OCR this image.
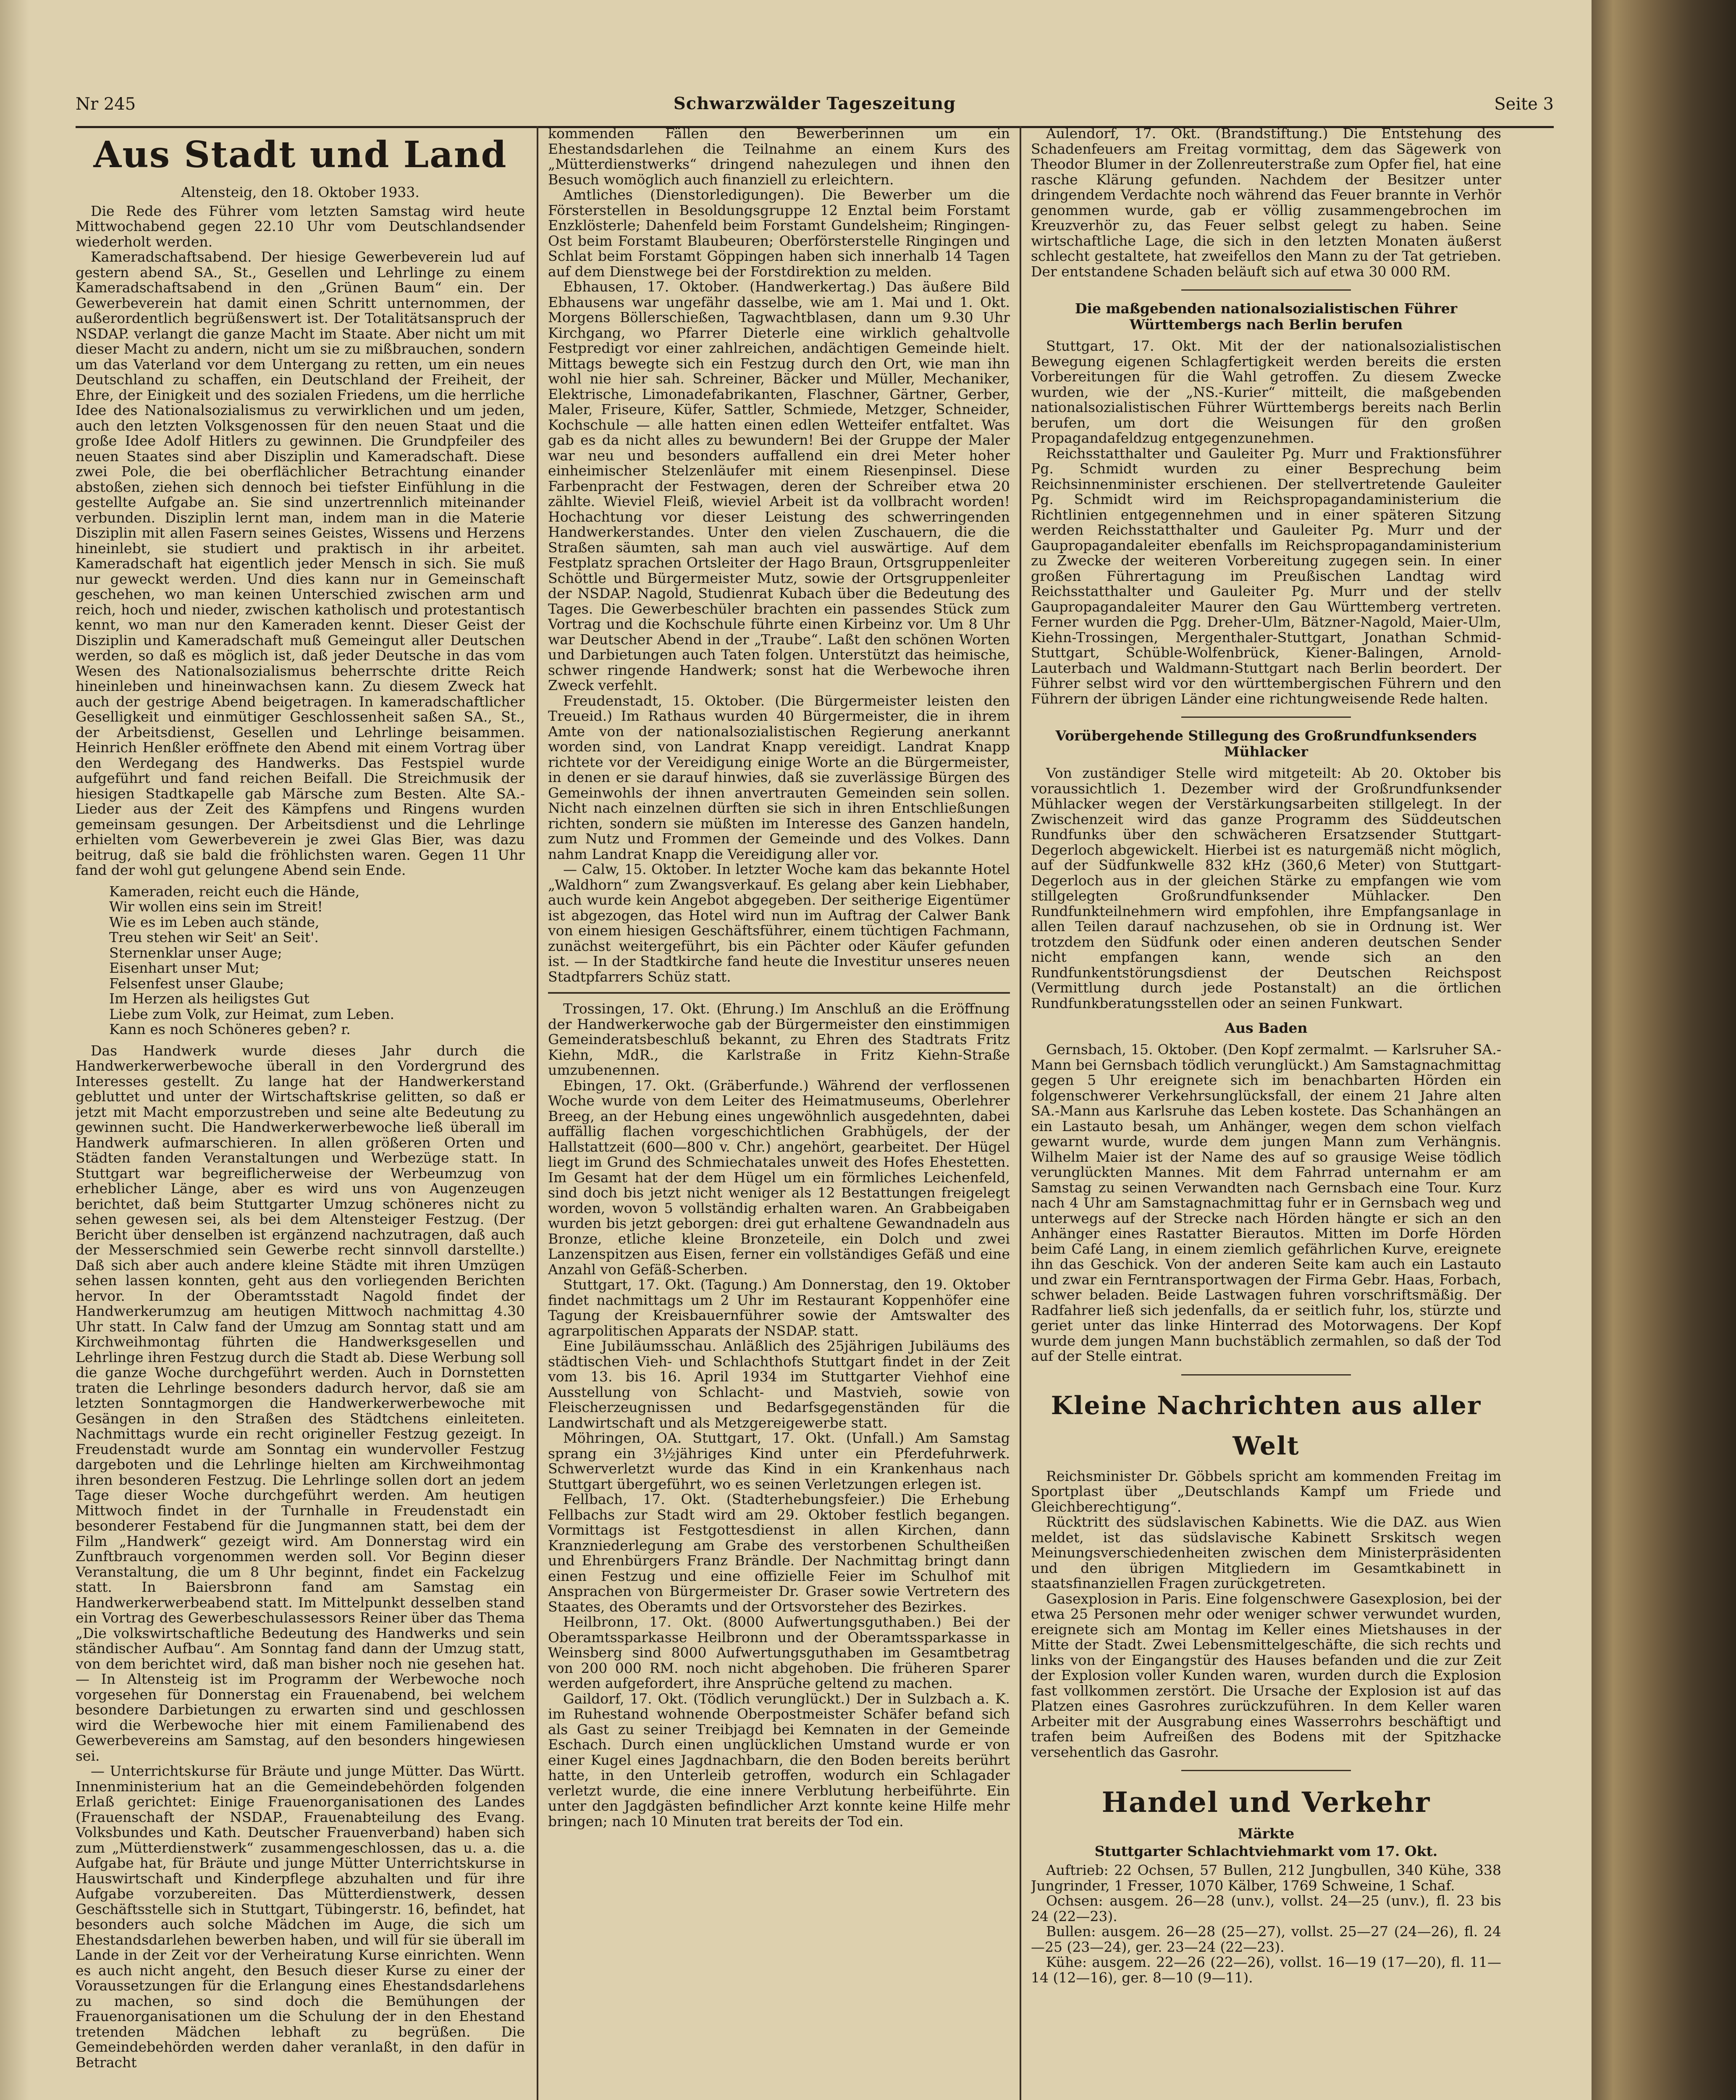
Nr 245	Schwarzwälder Tageszeitung	Seite 3
Aus Stadt und Land
Altensteig, den 18. Oktober 1933.

Die Rede des Führer vom letzten Samstag wird heute Mittwochabend gegen 22.10 Uhr vom Deutschlandsender wiederholt werden.

Kameradschaftsabend. Der hiesige Gewerbeverein lud auf gestern abend SA., St., Gesellen und Lehrlinge zu einem Kameradschaftsabend in den „Grünen Baum“ ein. Der Gewerbeverein hat damit einen Schritt unternommen, der außerordentlich begrüßenswert ist. Der Totalitätsanspruch der NSDAP. verlangt die ganze Macht im Staate. Aber nicht um mit dieser Macht zu andern, nicht um sie zu mißbrauchen, sondern um das Vaterland vor dem Untergang zu retten, um ein neues Deutschland zu schaffen, ein Deutschland der Freiheit, der Ehre, der Einigkeit und des sozialen Friedens, um die herrliche Idee des Nationalsozialismus zu verwirklichen und um jeden, auch den letzten Volksgenossen für den neuen Staat und die große Idee Adolf Hitlers zu gewinnen. Die Grundpfeiler des neuen Staates sind aber Disziplin und Kameradschaft. Diese zwei Pole, die bei oberflächlicher Betrachtung einander abstoßen, ziehen sich dennoch bei tiefster Einfühlung in die gestellte Aufgabe an. Sie sind unzertrennlich miteinander verbunden. Disziplin lernt man, indem man in die Materie Disziplin mit allen Fasern seines Geistes, Wissens und Herzens hineinlebt, sie studiert und praktisch in ihr arbeitet. Kameradschaft hat eigentlich jeder Mensch in sich. Sie muß nur geweckt werden. Und dies kann nur in Gemeinschaft geschehen, wo man keinen Unterschied zwischen arm und reich, hoch und nieder, zwischen katholisch und protestantisch kennt, wo man nur den Kameraden kennt. Dieser Geist der Disziplin und Kameradschaft muß Gemeingut aller Deutschen werden, so daß es möglich ist, daß jeder Deutsche in das vom Wesen des Nationalsozialismus beherrschte dritte Reich hineinleben und hineinwachsen kann. Zu diesem Zweck hat auch der gestrige Abend beigetragen. In kameradschaftlicher Geselligkeit und einmütiger Geschlossenheit saßen SA., St., der Arbeitsdienst, Gesellen und Lehrlinge beisammen. Heinrich Henßler eröffnete den Abend mit einem Vortrag über den Werdegang des Handwerks. Das Festspiel wurde aufgeführt und fand reichen Beifall. Die Streichmusik der hiesigen Stadtkapelle gab Märsche zum Besten. Alte SA.-Lieder aus der Zeit des Kämpfens und Ringens wurden gemeinsam gesungen. Der Arbeitsdienst und die Lehrlinge erhielten vom Gewerbeverein je zwei Glas Bier, was dazu beitrug, daß sie bald die fröhlichsten waren. Gegen 11 Uhr fand der wohl gut gelungene Abend sein Ende.

Kameraden, reicht euch die Hände,
Wir wollen eins sein im Streit!
Wie es im Leben auch stände,
Treu stehen wir Seit' an Seit'.
Sternenklar unser Auge;
Eisenhart unser Mut;
Felsenfest unser Glaube;
Im Herzen als heiligstes Gut
Liebe zum Volk, zur Heimat, zum Leben.
Kann es noch Schöneres geben? r.

Das Handwerk wurde dieses Jahr durch die Handwerkerwerbewoche überall in den Vordergrund des Interesses gestellt. Zu lange hat der Handwerkerstand gebluttet und unter der Wirtschaftskrise gelitten, so daß er jetzt mit Macht emporzustreben und seine alte Bedeutung zu gewinnen sucht. Die Handwerkerwerbewoche ließ überall im Handwerk aufmarschieren. In allen größeren Orten und Städten fanden Veranstaltungen und Werbezüge statt. In Stuttgart war begreiflicherweise der Werbeumzug von erheblicher Länge, aber es wird uns von Augenzeugen berichtet, daß beim Stuttgarter Umzug schöneres nicht zu sehen gewesen sei, als bei dem Altensteiger Festzug. (Der Bericht über denselben ist ergänzend nachzutragen, daß auch der Messerschmied sein Gewerbe recht sinnvoll darstellte.) Daß sich aber auch andere kleine Städte mit ihren Umzügen sehen lassen konnten, geht aus den vorliegenden Berichten hervor. In der Oberamtsstadt Nagold findet der Handwerkerumzug am heutigen Mittwoch nachmittag 4.30 Uhr statt. In Calw fand der Umzug am Sonntag statt und am Kirchweihmontag führten die Handwerksgesellen und Lehrlinge ihren Festzug durch die Stadt ab. Diese Werbung soll die ganze Woche durchgeführt werden. Auch in Dornstetten traten die Lehrlinge besonders dadurch hervor, daß sie am letzten Sonntagmorgen die Handwerkerwerbewoche mit Gesängen in den Straßen des Städtchens einleiteten. Nachmittags wurde ein recht origineller Festzug gezeigt. In Freudenstadt wurde am Sonntag ein wundervoller Festzug dargeboten und die Lehrlinge hielten am Kirchweihmontag ihren besonderen Festzug. Die Lehrlinge sollen dort an jedem Tage dieser Woche durchgeführt werden. Am heutigen Mittwoch findet in der Turnhalle in Freudenstadt ein besonderer Festabend für die Jungmannen statt, bei dem der Film „Handwerk“ gezeigt wird. Am Donnerstag wird ein Zunftbrauch vorgenommen werden soll. Vor Beginn dieser Veranstaltung, die um 8 Uhr beginnt, findet ein Fackelzug statt. In Baiersbronn fand am Samstag ein Handwerkerwerbeabend statt. Im Mittelpunkt desselben stand ein Vortrag des Gewerbeschulassessors Reiner über das Thema „Die volkswirtschaftliche Bedeutung des Handwerks und sein ständischer Aufbau“. Am Sonntag fand dann der Umzug statt, von dem berichtet wird, daß man bisher noch nie gesehen hat. — In Altensteig ist im Programm der Werbewoche noch vorgesehen für Donnerstag ein Frauenabend, bei welchem besondere Darbietungen zu erwarten sind und geschlossen wird die Werbewoche hier mit einem Familienabend des Gewerbevereins am Samstag, auf den besonders hingewiesen sei.

— Unterrichtskurse für Bräute und junge Mütter. Das Württ. Innenministerium hat an die Gemeindebehörden folgenden Erlaß gerichtet: Einige Frauenorganisationen des Landes (Frauenschaft der NSDAP., Frauenabteilung des Evang. Volksbundes und Kath. Deutscher Frauenverband) haben sich zum „Mütterdienstwerk“ zusammengeschlossen, das u. a. die Aufgabe hat, für Bräute und junge Mütter Unterrichtskurse in Hauswirtschaft und Kinderpflege abzuhalten und für ihre Aufgabe vorzubereiten. Das Mütterdienstwerk, dessen Geschäftsstelle sich in Stuttgart, Tübingerstr. 16, befindet, hat besonders auch solche Mädchen im Auge, die sich um Ehestandsdarlehen bewerben haben, und will für sie überall im Lande in der Zeit vor der Verheiratung Kurse einrichten. Wenn es auch nicht angeht, den Besuch dieser Kurse zu einer der Voraussetzungen für die Erlangung eines Ehestandsdarlehens zu machen, so sind doch die Bemühungen der Frauenorganisationen um die Schulung der in den Ehestand tretenden Mädchen lebhaft zu begrüßen. Die Gemeindebehörden werden daher veranlaßt, in den dafür in Betracht

kommenden Fällen den Bewerberinnen um ein Ehestandsdarlehen die Teilnahme an einem Kurs des „Mütterdienstwerks“ dringend nahezulegen und ihnen den Besuch womöglich auch finanziell zu erleichtern.

Amtliches (Dienstorledigungen). Die Bewerber um die Försterstellen in Besoldungsgruppe 12 Enztal beim Forstamt Enzklösterle; Dahenfeld beim Forstamt Gundelsheim; Ringingen-Ost beim Forstamt Blaubeuren; Oberförsterstelle Ringingen und Schlat beim Forstamt Göppingen haben sich innerhalb 14 Tagen auf dem Dienstwege bei der Forstdirektion zu melden.

Ebhausen, 17. Oktober. (Handwerkertag.) Das äußere Bild Ebhausens war ungefähr dasselbe, wie am 1. Mai und 1. Okt. Morgens Böllerschießen, Tagwachtblasen, dann um 9.30 Uhr Kirchgang, wo Pfarrer Dieterle eine wirklich gehaltvolle Festpredigt vor einer zahlreichen, andächtigen Gemeinde hielt. Mittags bewegte sich ein Festzug durch den Ort, wie man ihn wohl nie hier sah. Schreiner, Bäcker und Müller, Mechaniker, Elektrische, Limonadefabrikanten, Flaschner, Gärtner, Gerber, Maler, Friseure, Küfer, Sattler, Schmiede, Metzger, Schneider, Kochschule — alle hatten einen edlen Wetteifer entfaltet. Was gab es da nicht alles zu bewundern! Bei der Gruppe der Maler war neu und besonders auffallend ein drei Meter hoher einheimischer Stelzenläufer mit einem Riesenpinsel. Diese Farbenpracht der Festwagen, deren der Schreiber etwa 20 zählte. Wieviel Fleiß, wieviel Arbeit ist da vollbracht worden! Hochachtung vor dieser Leistung des schwerringenden Handwerkerstandes. Unter den vielen Zuschauern, die die Straßen säumten, sah man auch viel auswärtige. Auf dem Festplatz sprachen Ortsleiter der Hago Braun, Ortsgruppenleiter Schöttle und Bürgermeister Mutz, sowie der Ortsgruppenleiter der NSDAP. Nagold, Studienrat Kubach über die Bedeutung des Tages. Die Gewerbeschüler brachten ein passendes Stück zum Vortrag und die Kochschule führte einen Kirbeinz vor. Um 8 Uhr war Deutscher Abend in der „Traube“. Laßt den schönen Worten und Darbietungen auch Taten folgen. Unterstützt das heimische, schwer ringende Handwerk; sonst hat die Werbewoche ihren Zweck verfehlt.

Freudenstadt, 15. Oktober. (Die Bürgermeister leisten den Treueid.) Im Rathaus wurden 40 Bürgermeister, die in ihrem Amte von der nationalsozialistischen Regierung anerkannt worden sind, von Landrat Knapp vereidigt. Landrat Knapp richtete vor der Vereidigung einige Worte an die Bürgermeister, in denen er sie darauf hinwies, daß sie zuverlässige Bürgen des Gemeinwohls der ihnen anvertrauten Gemeinden sein sollen. Nicht nach einzelnen dürften sie sich in ihren Entschließungen richten, sondern sie müßten im Interesse des Ganzen handeln, zum Nutz und Frommen der Gemeinde und des Volkes. Dann nahm Landrat Knapp die Vereidigung aller vor.

— Calw, 15. Oktober. In letzter Woche kam das bekannte Hotel „Waldhorn“ zum Zwangsverkauf. Es gelang aber kein Liebhaber, auch wurde kein Angebot abgegeben. Der seitherige Eigentümer ist abgezogen, das Hotel wird nun im Auftrag der Calwer Bank von einem hiesigen Geschäftsführer, einem tüchtigen Fachmann, zunächst weitergeführt, bis ein Pächter oder Käufer gefunden ist. — In der Stadtkirche fand heute die Investitur unseres neuen Stadtpfarrers Schüz statt.

Trossingen, 17. Okt. (Ehrung.) Im Anschluß an die Eröffnung der Handwerkerwoche gab der Bürgermeister den einstimmigen Gemeinderatsbeschluß bekannt, zu Ehren des Stadtrats Fritz Kiehn, MdR., die Karlstraße in Fritz Kiehn-Straße umzubenennen.

Ebingen, 17. Okt. (Gräberfunde.) Während der verflossenen Woche wurde von dem Leiter des Heimatmuseums, Oberlehrer Breeg, an der Hebung eines ungewöhnlich ausgedehnten, dabei auffällig flachen vorgeschichtlichen Grabhügels, der der Hallstattzeit (600—800 v. Chr.) angehört, gearbeitet. Der Hügel liegt im Grund des Schmiechatales unweit des Hofes Ehestetten. Im Gesamt hat der dem Hügel um ein förmliches Leichenfeld, sind doch bis jetzt nicht weniger als 12 Bestattungen freigelegt worden, wovon 5 vollständig erhalten waren. An Grabbeigaben wurden bis jetzt geborgen: drei gut erhaltene Gewandnadeln aus Bronze, etliche kleine Bronzeteile, ein Dolch und zwei Lanzenspitzen aus Eisen, ferner ein vollständiges Gefäß und eine Anzahl von Gefäß-Scherben.

Stuttgart, 17. Okt. (Tagung.) Am Donnerstag, den 19. Oktober findet nachmittags um 2 Uhr im Restaurant Koppenhöfer eine Tagung der Kreisbauernführer sowie der Amtswalter des agrarpolitischen Apparats der NSDAP. statt.

Eine Jubiläumsschau. Anläßlich des 25jährigen Jubiläums des städtischen Vieh- und Schlachthofs Stuttgart findet in der Zeit vom 13. bis 16. April 1934 im Stuttgarter Viehhof eine Ausstellung von Schlacht- und Mastvieh, sowie von Fleischerzeugnissen und Bedarfsgegenständen für die Landwirtschaft und als Metzgereigewerbe statt.

Möhringen, OA. Stuttgart, 17. Okt. (Unfall.) Am Samstag sprang ein 3½jähriges Kind unter ein Pferdefuhrwerk. Schwerverletzt wurde das Kind in ein Krankenhaus nach Stuttgart übergeführt, wo es seinen Verletzungen erlegen ist.

Fellbach, 17. Okt. (Stadterhebungsfeier.) Die Erhebung Fellbachs zur Stadt wird am 29. Oktober festlich begangen. Vormittags ist Festgottesdienst in allen Kirchen, dann Kranzniederlegung am Grabe des verstorbenen Schultheißen und Ehrenbürgers Franz Brändle. Der Nachmittag bringt dann einen Festzug und eine offizielle Feier im Schulhof mit Ansprachen von Bürgermeister Dr. Graser sowie Vertretern des Staates, des Oberamts und der Ortsvorsteher des Bezirkes.

Heilbronn, 17. Okt. (8000 Aufwertungsguthaben.) Bei der Oberamtssparkasse Heilbronn und der Oberamtssparkasse in Weinsberg sind 8000 Aufwertungsguthaben im Gesamtbetrag von 200 000 RM. noch nicht abgehoben. Die früheren Sparer werden aufgefordert, ihre Ansprüche geltend zu machen.

Gaildorf, 17. Okt. (Tödlich verunglückt.) Der in Sulzbach a. K. im Ruhestand wohnende Oberpostmeister Schäfer befand sich als Gast zu seiner Treibjagd bei Kemnaten in der Gemeinde Eschach. Durch einen unglücklichen Umstand wurde er von einer Kugel eines Jagdnachbarn, die den Boden bereits berührt hatte, in den Unterleib getroffen, wodurch ein Schlagader verletzt wurde, die eine innere Verblutung herbeiführte. Ein unter den Jagdgästen befindlicher Arzt konnte keine Hilfe mehr bringen; nach 10 Minuten trat bereits der Tod ein.

Aulendorf, 17. Okt. (Brandstiftung.) Die Entstehung des Schadenfeuers am Freitag vormittag, dem das Sägewerk von Theodor Blumer in der Zollenreuterstraße zum Opfer fiel, hat eine rasche Klärung gefunden. Nachdem der Besitzer unter dringendem Verdachte noch während das Feuer brannte in Verhör genommen wurde, gab er völlig zusammengebrochen im Kreuzverhör zu, das Feuer selbst gelegt zu haben. Seine wirtschaftliche Lage, die sich in den letzten Monaten äußerst schlecht gestaltete, hat zweifellos den Mann zu der Tat getrieben. Der entstandene Schaden beläuft sich auf etwa 30 000 RM.

Die maßgebenden nationalsozialistischen Führer Württembergs nach Berlin berufen

Stuttgart, 17. Okt. Mit der der nationalsozialistischen Bewegung eigenen Schlagfertigkeit werden bereits die ersten Vorbereitungen für die Wahl getroffen. Zu diesem Zwecke wurden, wie der „NS.-Kurier“ mitteilt, die maßgebenden nationalsozialistischen Führer Württembergs bereits nach Berlin berufen, um dort die Weisungen für den großen Propagandafeldzug entgegenzunehmen.

Reichsstatthalter und Gauleiter Pg. Murr und Fraktionsführer Pg. Schmidt wurden zu einer Besprechung beim Reichsinnenminister erschienen. Der stellvertretende Gauleiter Pg. Schmidt wird im Reichspropagandaministerium die Richtlinien entgegennehmen und in einer späteren Sitzung werden Reichsstatthalter und Gauleiter Pg. Murr und der Gaupropagandaleiter ebenfalls im Reichspropagandaministerium zu Zwecke der weiteren Vorbereitung zugegen sein. In einer großen Führertagung im Preußischen Landtag wird Reichsstatthalter und Gauleiter Pg. Murr und der stellv Gaupropagandaleiter Maurer den Gau Württemberg vertreten. Ferner wurden die Pgg. Dreher-Ulm, Bätzner-Nagold, Maier-Ulm, Kiehn-Trossingen, Mergenthaler-Stuttgart, Jonathan Schmid-Stuttgart, Schüble-Wolfenbrück, Kiener-Balingen, Arnold-Lauterbach und Waldmann-Stuttgart nach Berlin beordert. Der Führer selbst wird vor den württembergischen Führern und den Führern der übrigen Länder eine richtungweisende Rede halten.

Vorübergehende Stillegung des Großrundfunksenders Mühlacker

Von zuständiger Stelle wird mitgeteilt: Ab 20. Oktober bis voraussichtlich 1. Dezember wird der Großrundfunksender Mühlacker wegen der Verstärkungsarbeiten stillgelegt. In der Zwischenzeit wird das ganze Programm des Süddeutschen Rundfunks über den schwächeren Ersatzsender Stuttgart-Degerloch abgewickelt. Hierbei ist es naturgemäß nicht möglich, auf der Südfunkwelle 832 kHz (360,6 Meter) von Stuttgart-Degerloch aus in der gleichen Stärke zu empfangen wie vom stillgelegten Großrundfunksender Mühlacker. Den Rundfunkteilnehmern wird empfohlen, ihre Empfangsanlage in allen Teilen darauf nachzusehen, ob sie in Ordnung ist. Wer trotzdem den Südfunk oder einen anderen deutschen Sender nicht empfangen kann, wende sich an den Rundfunkentstörungsdienst der Deutschen Reichspost (Vermittlung durch jede Postanstalt) an die örtlichen Rundfunkberatungsstellen oder an seinen Funkwart.

Aus Baden

Gernsbach, 15. Oktober. (Den Kopf zermalmt. — Karlsruher SA.-Mann bei Gernsbach tödlich verunglückt.) Am Samstagnachmittag gegen 5 Uhr ereignete sich im benachbarten Hörden ein folgenschwerer Verkehrsunglücksfall, der einem 21 Jahre alten SA.-Mann aus Karlsruhe das Leben kostete. Das Schanhängen an ein Lastauto besah, um Anhänger, wegen dem schon vielfach gewarnt wurde, wurde dem jungen Mann zum Verhängnis. Wilhelm Maier ist der Name des auf so grausige Weise tödlich verunglückten Mannes. Mit dem Fahrrad unternahm er am Samstag zu seinen Verwandten nach Gernsbach eine Tour. Kurz nach 4 Uhr am Samstagnachmittag fuhr er in Gernsbach weg und unterwegs auf der Strecke nach Hörden hängte er sich an den Anhänger eines Rastatter Bierautos. Mitten im Dorfe Hörden beim Café Lang, in einem ziemlich gefährlichen Kurve, ereignete ihn das Geschick. Von der anderen Seite kam auch ein Lastauto und zwar ein Ferntransportwagen der Firma Gebr. Haas, Forbach, schwer beladen. Beide Lastwagen fuhren vorschriftsmäßig. Der Radfahrer ließ sich jedenfalls, da er seitlich fuhr, los, stürzte und geriet unter das linke Hinterrad des Motorwagens. Der Kopf wurde dem jungen Mann buchstäblich zermahlen, so daß der Tod auf der Stelle eintrat.

Kleine Nachrichten aus aller Welt

Reichsminister Dr. Göbbels spricht am kommenden Freitag im Sportplast über „Deutschlands Kampf um Friede und Gleichberechtigung“.

Rücktritt des südslavischen Kabinetts. Wie die DAZ. aus Wien meldet, ist das südslavische Kabinett Srskitsch wegen Meinungsverschiedenheiten zwischen dem Ministerpräsidenten und den übrigen Mitgliedern im Gesamtkabinett in staatsfinanziellen Fragen zurückgetreten.

Gasexplosion in Paris. Eine folgenschwere Gasexplosion, bei der etwa 25 Personen mehr oder weniger schwer verwundet wurden, ereignete sich am Montag im Keller eines Mietshauses in der Mitte der Stadt. Zwei Lebensmittelgeschäfte, die sich rechts und links von der Eingangstür des Hauses befanden und die zur Zeit der Explosion voller Kunden waren, wurden durch die Explosion fast vollkommen zerstört. Die Ursache der Explosion ist auf das Platzen eines Gasrohres zurückzuführen. In dem Keller waren Arbeiter mit der Ausgrabung eines Wasserrohrs beschäftigt und trafen beim Aufreißen des Bodens mit der Spitzhacke versehentlich das Gasrohr.

Handel und Verkehr
Märkte
Stuttgarter Schlachtviehmarkt vom 17. Okt.

Auftrieb: 22 Ochsen, 57 Bullen, 212 Jungbullen, 340 Kühe, 338 Jungrinder, 1 Fresser, 1070 Kälber, 1769 Schweine, 1 Schaf.

Ochsen: ausgem. 26—28 (unv.), vollst. 24—25 (unv.), fl. 23 bis 24 (22—23).

Bullen: ausgem. 26—28 (25—27), vollst. 25—27 (24—26), fl. 24—25 (23—24), ger. 23—24 (22—23).

Kühe: ausgem. 22—26 (22—26), vollst. 16—19 (17—20), fl. 11—14 (12—16), ger. 8—10 (9—11).
